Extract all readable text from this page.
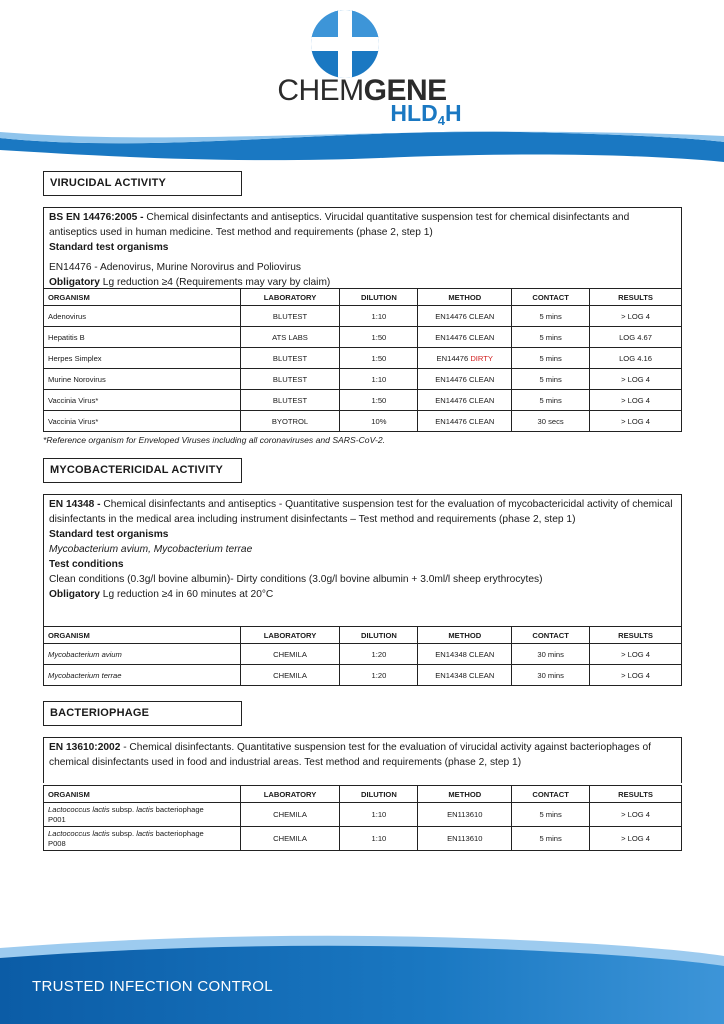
CHEMGENE
$HLD_4H$
VIRUCIDAL ACTIVITY
BS EN 14476:2005 - Chemical disinfectants and antiseptics. Virucidal quantitative suspension test for chemical disinfectants and antiseptics used in human medicine. Test method and requirements (phase 2, step 1)
Standard test organisms
EN14476 - Adenovirus, Murine Norovirus and Poliovirus
Obligatory Lg reduction ≥4 (Requirements may vary by claim)
ORGANISM	LABORATORY	DILUTION	METHOD	CONTACT	RESULTS
Adenovirus	BLUTEST	1:10	EN14476 CLEAN	5 mins	> LOG 4
Hepatitis B	ATS LABS	1:50	EN14476 CLEAN	5 mins	LOG 4.67
Herpes Simplex	BLUTEST	1:50	EN14476 DIRTY	5 mins	LOG 4.16
Murine Norovirus	BLUTEST	1:10	EN14476 CLEAN	5 mins	> LOG 4
Vaccinia Virus*	BLUTEST	1:50	EN14476 CLEAN	5 mins	> LOG 4
Vaccinia Virus*	BYOTROL	10%	EN14476 CLEAN	30 secs	> LOG 4
*Reference organism for Enveloped Viruses including all coronaviruses and SARS-CoV-2.
MYCOBACTERICIDAL ACTIVITY
EN 14348 - Chemical disinfectants and antiseptics - Quantitative suspension test for the evaluation of mycobactericidal activity of chemical disinfectants in the medical area including instrument disinfectants – Test method and requirements (phase 2, step 1)
Standard test organisms
Mycobacterium avium, Mycobacterium terrae
Test conditions
Clean conditions (0.3g/l bovine albumin)- Dirty conditions (3.0g/l bovine albumin + 3.0ml/l sheep erythrocytes)
Obligatory Lg reduction ≥4 in 60 minutes at 20°C
ORGANISM	LABORATORY	DILUTION	METHOD	CONTACT	RESULTS
Mycobacterium avium	CHEMILA	1:20	EN14348 CLEAN	30 mins	> LOG 4
Mycobacterium terrae	CHEMILA	1:20	EN14348 CLEAN	30 mins	> LOG 4
BACTERIOPHAGE
EN 13610:2002 - Chemical disinfectants. Quantitative suspension test for the evaluation of virucidal activity against bacteriophages of chemical disinfectants used in food and industrial areas. Test method and requirements (phase 2, step 1)
ORGANISM	LABORATORY	DILUTION	METHOD	CONTACT	RESULTS
Lactococcus lactis subsp. lactis bacteriophage
P001	CHEMILA	1:10	EN113610	5 mins	> LOG 4
Lactococcus lactis subsp. lactis bacteriophage
P008	CHEMILA	1:10	EN113610	5 mins	> LOG 4
TRUSTED INFECTION CONTROL
